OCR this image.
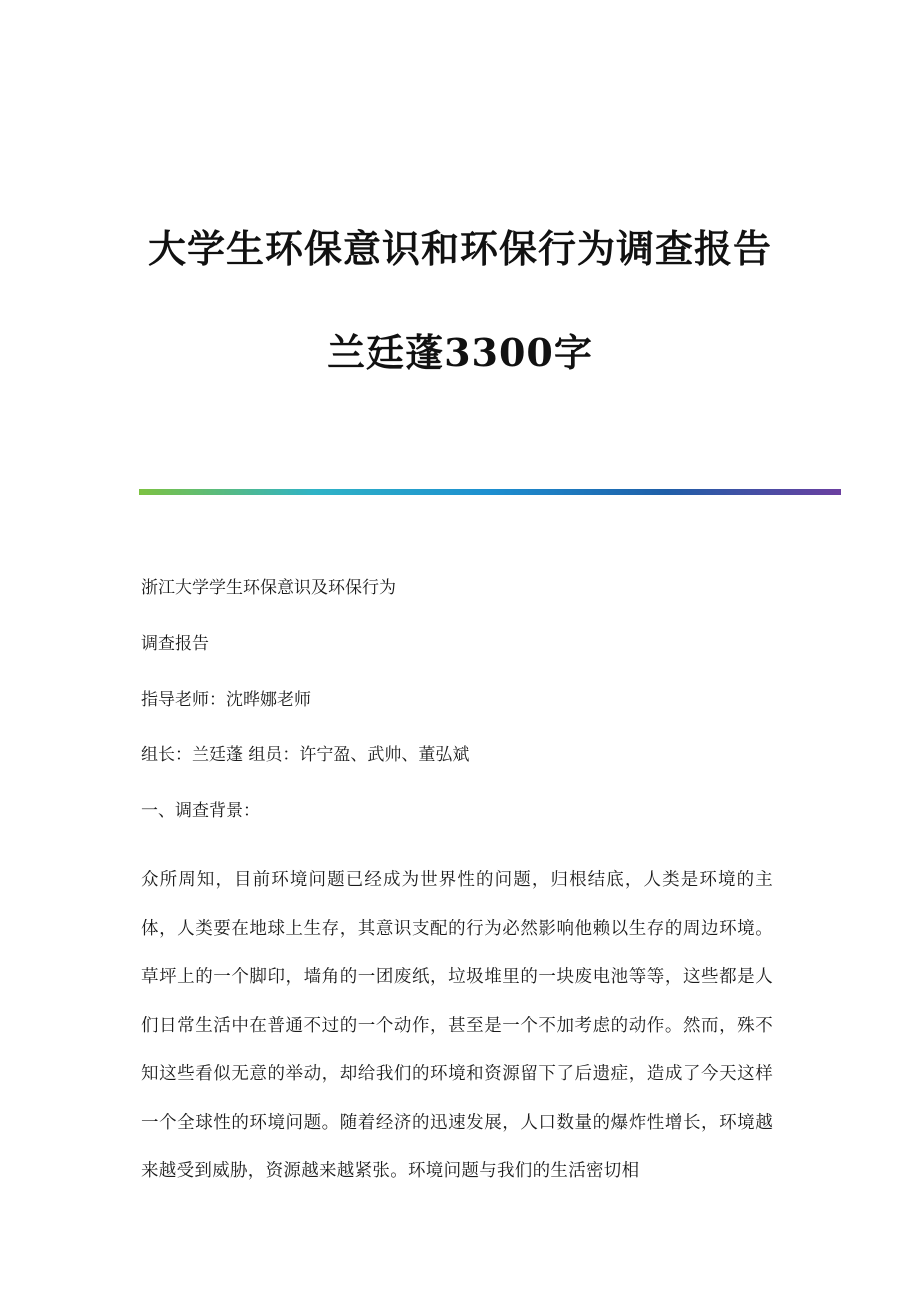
大学生环保意识和环保行为调查报告
兰廷蓬3300字
浙江大学学生环保意识及环保行为
调查报告
指导老师：沈晔娜老师
组长：兰廷蓬 组员：许宁盈、武帅、董弘斌
一、调查背景：
众所周知，目前环境问题已经成为世界性的问题，归根结底，人类是环境的主体，人类要在地球上生存，其意识支配的行为必然影响他赖以生存的周边环境。草坪上的一个脚印，墙角的一团废纸，垃圾堆里的一块废电池等等，这些都是人们日常生活中在普通不过的一个动作，甚至是一个不加考虑的动作。然而，殊不知这些看似无意的举动，却给我们的环境和资源留下了后遗症，造成了今天这样一个全球性的环境问题。随着经济的迅速发展，人口数量的爆炸性增长，环境越来越受到威胁，资源越来越紧张。环境问题与我们的生活密切相
